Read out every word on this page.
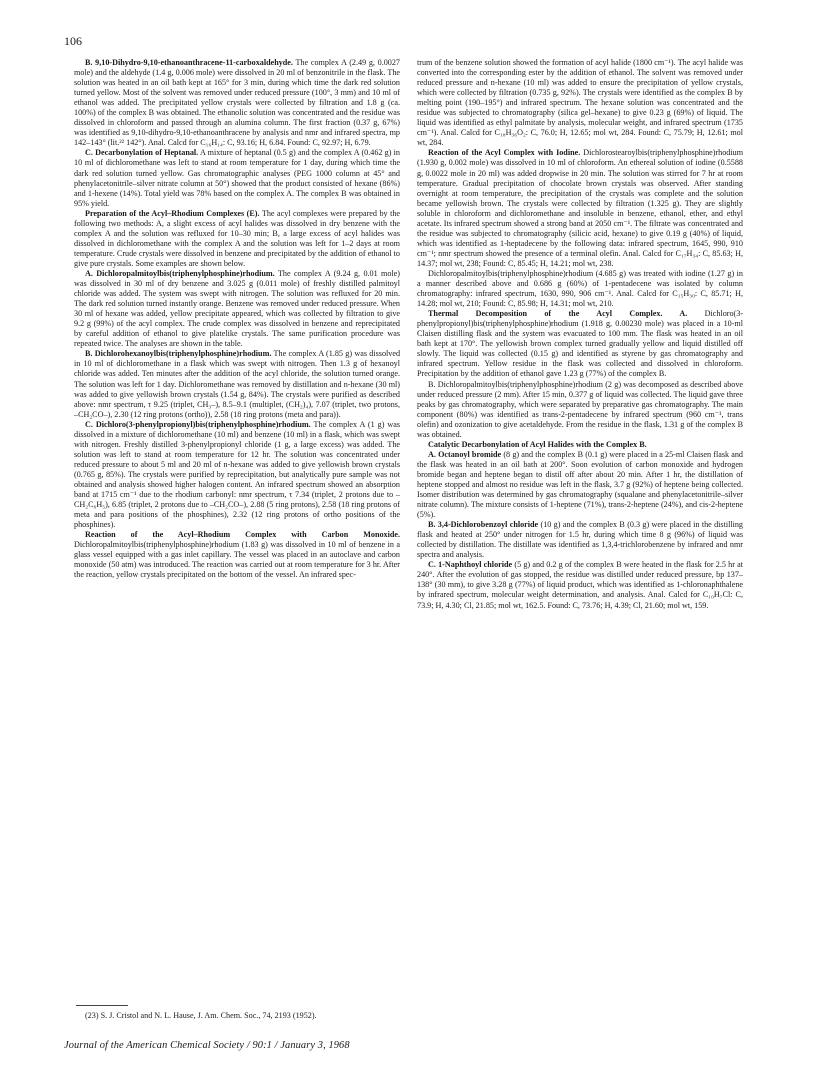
106

B. 9,10-Dihydro-9,10-ethanoanthracene-11-carboxaldehyde. The complex A (2.49 g, 0.0027 mole) and the aldehyde (1.4 g, 0.006 mole) were dissolved in 20 ml of benzonitrile in the flask. The solution was heated in an oil bath kept at 165° for 3 min, during which time the dark red solution turned yellow. Most of the solvent was removed under reduced pressure (100°, 3 mm) and 10 ml of ethanol was added. The precipitated yellow crystals were collected by filtration and 1.8 g (ca. 100%) of the complex B was obtained. The ethanolic solution was concentrated and the residue was dissolved in chloroform and passed through an alumina column. The first fraction (0.37 g, 67%) was identified as 9,10-dihydro-9,10-ethanoanthracene by analysis and nmr and infrared spectra, mp 142–143° (lit.²² 142°). Anal. Calcd for C₁₆H₁₄: C, 93.16; H, 6.84. Found: C, 92.97; H, 6.79.

C. Decarbonylation of Heptanal. A mixture of heptanal (0.5 g) and the complex A (0.462 g) in 10 ml of dichloromethane was left to stand at room temperature for 1 day, during which time the dark red solution turned yellow. Gas chromatographic analyses (PEG 1000 column at 45° and phenylacetonitrile–silver nitrate column at 50°) showed that the product consisted of hexane (86%) and 1-hexene (14%). Total yield was 78% based on the complex A. The complex B was obtained in 95% yield.

Preparation of the Acyl–Rhodium Complexes (E). The acyl complexes were prepared by the following two methods: A, a slight excess of acyl halides was dissolved in dry benzene with the complex A and the solution was refluxed for 10–30 min; B, a large excess of acyl halides was dissolved in dichloromethane with the complex A and the solution was left for 1–2 days at room temperature. Crude crystals were dissolved in benzene and precipitated by the addition of ethanol to give pure crystals. Some examples are shown below.

A. Dichloropalmitoylbis(triphenylphosphine)rhodium. The complex A (9.24 g, 0.01 mole) was dissolved in 30 ml of dry benzene and 3.025 g (0.011 mole) of freshly distilled palmitoyl chloride was added. The system was swept with nitrogen. The solution was refluxed for 20 min. The dark red solution turned instantly orange. Benzene was removed under reduced pressure. When 30 ml of hexane was added, yellow precipitate appeared, which was collected by filtration to give 9.2 g (99%) of the acyl complex. The crude complex was dissolved in benzene and reprecipitated by careful addition of ethanol to give platelike crystals. The same purification procedure was repeated twice. The analyses are shown in the table.

B. Dichlorohexanoylbis(triphenylphosphine)rhodium. The complex A (1.85 g) was dissolved in 10 ml of dichloromethane in a flask which was swept with nitrogen. Then 1.3 g of hexanoyl chloride was added. Ten minutes after the addition of the acyl chloride, the solution turned orange. The solution was left for 1 day. Dichloromethane was removed by distillation and n-hexane (30 ml) was added to give yellowish brown crystals (1.54 g, 84%). The crystals were purified as described above: nmr spectrum, τ 9.25 (triplet, CH₃–), 8.5–9.1 (multiplet, (CH₂)₄), 7.07 (triplet, two protons, –CH₂CO–), 2.30 (12 ring protons (ortho)), 2.58 (18 ring protons (meta and para)).

C. Dichloro(3-phenylpropionyl)bis(triphenylphosphine)rhodium. The complex A (1 g) was dissolved in a mixture of dichloromethane (10 ml) and benzene (10 ml) in a flask, which was swept with nitrogen. Freshly distilled 3-phenylpropionyl chloride (1 g, a large excess) was added. The solution was left to stand at room temperature for 12 hr. The solution was concentrated under reduced pressure to about 5 ml and 20 ml of n-hexane was added to give yellowish brown crystals (0.765 g, 85%). The crystals were purified by reprecipitation, but analytically pure sample was not obtained and analysis showed higher halogen content. An infrared spectrum showed an absorption band at 1715 cm⁻¹ due to the rhodium carbonyl: nmr spectrum, τ 7.34 (triplet, 2 protons due to –CH₂C₆H₅), 6.85 (triplet, 2 protons due to –CH₂CO–), 2.88 (5 ring protons), 2.58 (18 ring protons of meta and para positions of the phosphines), 2.32 (12 ring protons of ortho positions of the phosphines).

Reaction of the Acyl–Rhodium Complex with Carbon Monoxide. Dichloropalmitoylbis(triphenylphosphine)rhodium (1.83 g) was dissolved in 10 ml of benzene in a glass vessel equipped with a gas inlet capillary. The vessel was placed in an autoclave and carbon monoxide (50 atm) was introduced. The reaction was carried out at room temperature for 3 hr. After the reaction, yellow crystals precipitated on the bottom of the vessel. An infrared spec-

trum of the benzene solution showed the formation of acyl halide (1800 cm⁻¹). The acyl halide was converted into the corresponding ester by the addition of ethanol. The solvent was removed under reduced pressure and n-hexane (10 ml) was added to ensure the precipitation of yellow crystals, which were collected by filtration (0.735 g, 92%). The crystals were identified as the complex B by melting point (190–195°) and infrared spectrum. The hexane solution was concentrated and the residue was subjected to chromatography (silica gel–hexane) to give 0.23 g (69%) of liquid. The liquid was identified as ethyl palmitate by analysis, molecular weight, and infrared spectrum (1735 cm⁻¹). Anal. Calcd for C₁₈H₃₆O₂: C, 76.0; H, 12.65; mol wt, 284. Found: C, 75.79; H, 12.61; mol wt, 284.

Reaction of the Acyl Complex with Iodine. Dichlorostearoylbis(triphenylphosphine)rhodium (1.930 g, 0.002 mole) was dissolved in 10 ml of chloroform. An ethereal solution of iodine (0.5588 g, 0.0022 mole in 20 ml) was added dropwise in 20 min. The solution was stirred for 7 hr at room temperature. Gradual precipitation of chocolate brown crystals was observed. After standing overnight at room temperature, the precipitation of the crystals was complete and the solution became yellowish brown. The crystals were collected by filtration (1.325 g). They are slightly soluble in chloroform and dichloromethane and insoluble in benzene, ethanol, ether, and ethyl acetate. Its infrared spectrum showed a strong band at 2050 cm⁻¹. The filtrate was concentrated and the residue was subjected to chromatography (silicic acid, hexane) to give 0.19 g (40%) of liquid, which was identified as 1-heptadecene by the following data: infrared spectrum, 1645, 990, 910 cm⁻¹; nmr spectrum showed the presence of a terminal olefin. Anal. Calcd for C₁₇H₃₄: C, 85.63; H, 14.37; mol wt, 238; Found: C, 85.45; H, 14.21; mol wt, 238.

Dichloropalmitoylbis(triphenylphosphine)rhodium (4.685 g) was treated with iodine (1.27 g) in a manner described above and 0.686 g (60%) of 1-pentadecene was isolated by column chromatography: infrared spectrum, 1630, 990, 906 cm⁻¹. Anal. Calcd for C₁₅H₃₀: C, 85.71; H, 14.28; mol wt, 210; Found: C, 85.98; H, 14.31; mol wt, 210.

Thermal Decomposition of the Acyl Complex. A. Dichloro(3-phenylpropionyl)bis(triphenylphosphine)rhodium (1.918 g, 0.00230 mole) was placed in a 10-ml Claisen distilling flask and the system was evacuated to 100 mm. The flask was heated in an oil bath kept at 170°. The yellowish brown complex turned gradually yellow and liquid distilled off slowly. The liquid was collected (0.15 g) and identified as styrene by gas chromatography and infrared spectrum. Yellow residue in the flask was collected and dissolved in chloroform. Precipitation by the addition of ethanol gave 1.23 g (77%) of the complex B.

B. Dichloropalmitoylbis(triphenylphosphine)rhodium (2 g) was decomposed as described above under reduced pressure (2 mm). After 15 min, 0.377 g of liquid was collected. The liquid gave three peaks by gas chromatography, which were separated by preparative gas chromatography. The main component (80%) was identified as trans-2-pentadecene by infrared spectrum (960 cm⁻¹, trans olefin) and ozonization to give acetaldehyde. From the residue in the flask, 1.31 g of the complex B was obtained.

Catalytic Decarbonylation of Acyl Halides with the Complex B.

A. Octanoyl bromide (8 g) and the complex B (0.1 g) were placed in a 25-ml Claisen flask and the flask was heated in an oil bath at 200°. Soon evolution of carbon monoxide and hydrogen bromide began and heptene began to distil off after about 20 min. After 1 hr, the distillation of heptene stopped and almost no residue was left in the flask, 3.7 g (92%) of heptene being collected. Isomer distribution was determined by gas chromatography (squalane and phenylacetonitrile–silver nitrate column). The mixture consists of 1-heptene (71%), trans-2-heptene (24%), and cis-2-heptene (5%).

B. 3,4-Dichlorobenzoyl chloride (10 g) and the complex B (0.3 g) were placed in the distilling flask and heated at 250° under nitrogen for 1.5 hr, during which time 8 g (96%) of liquid was collected by distillation. The distillate was identified as 1,3,4-trichlorobenzene by infrared and nmr spectra and analysis.

C. 1-Naphthoyl chloride (5 g) and 0.2 g of the complex B were heated in the flask for 2.5 hr at 240°. After the evolution of gas stopped, the residue was distilled under reduced pressure, bp 137–138° (30 mm), to give 3.28 g (77%) of liquid product, which was identified as 1-chloronaphthalene by infrared spectrum, molecular weight determination, and analysis. Anal. Calcd for C₁₀H₇Cl: C, 73.9; H, 4.30; Cl, 21.85; mol wt, 162.5. Found: C, 73.76; H, 4.39; Cl, 21.60; mol wt, 159.

(23) S. J. Cristol and N. L. Hause, J. Am. Chem. Soc., 74, 2193 (1952).
Journal of the American Chemical Society / 90:1 / January 3, 1968
